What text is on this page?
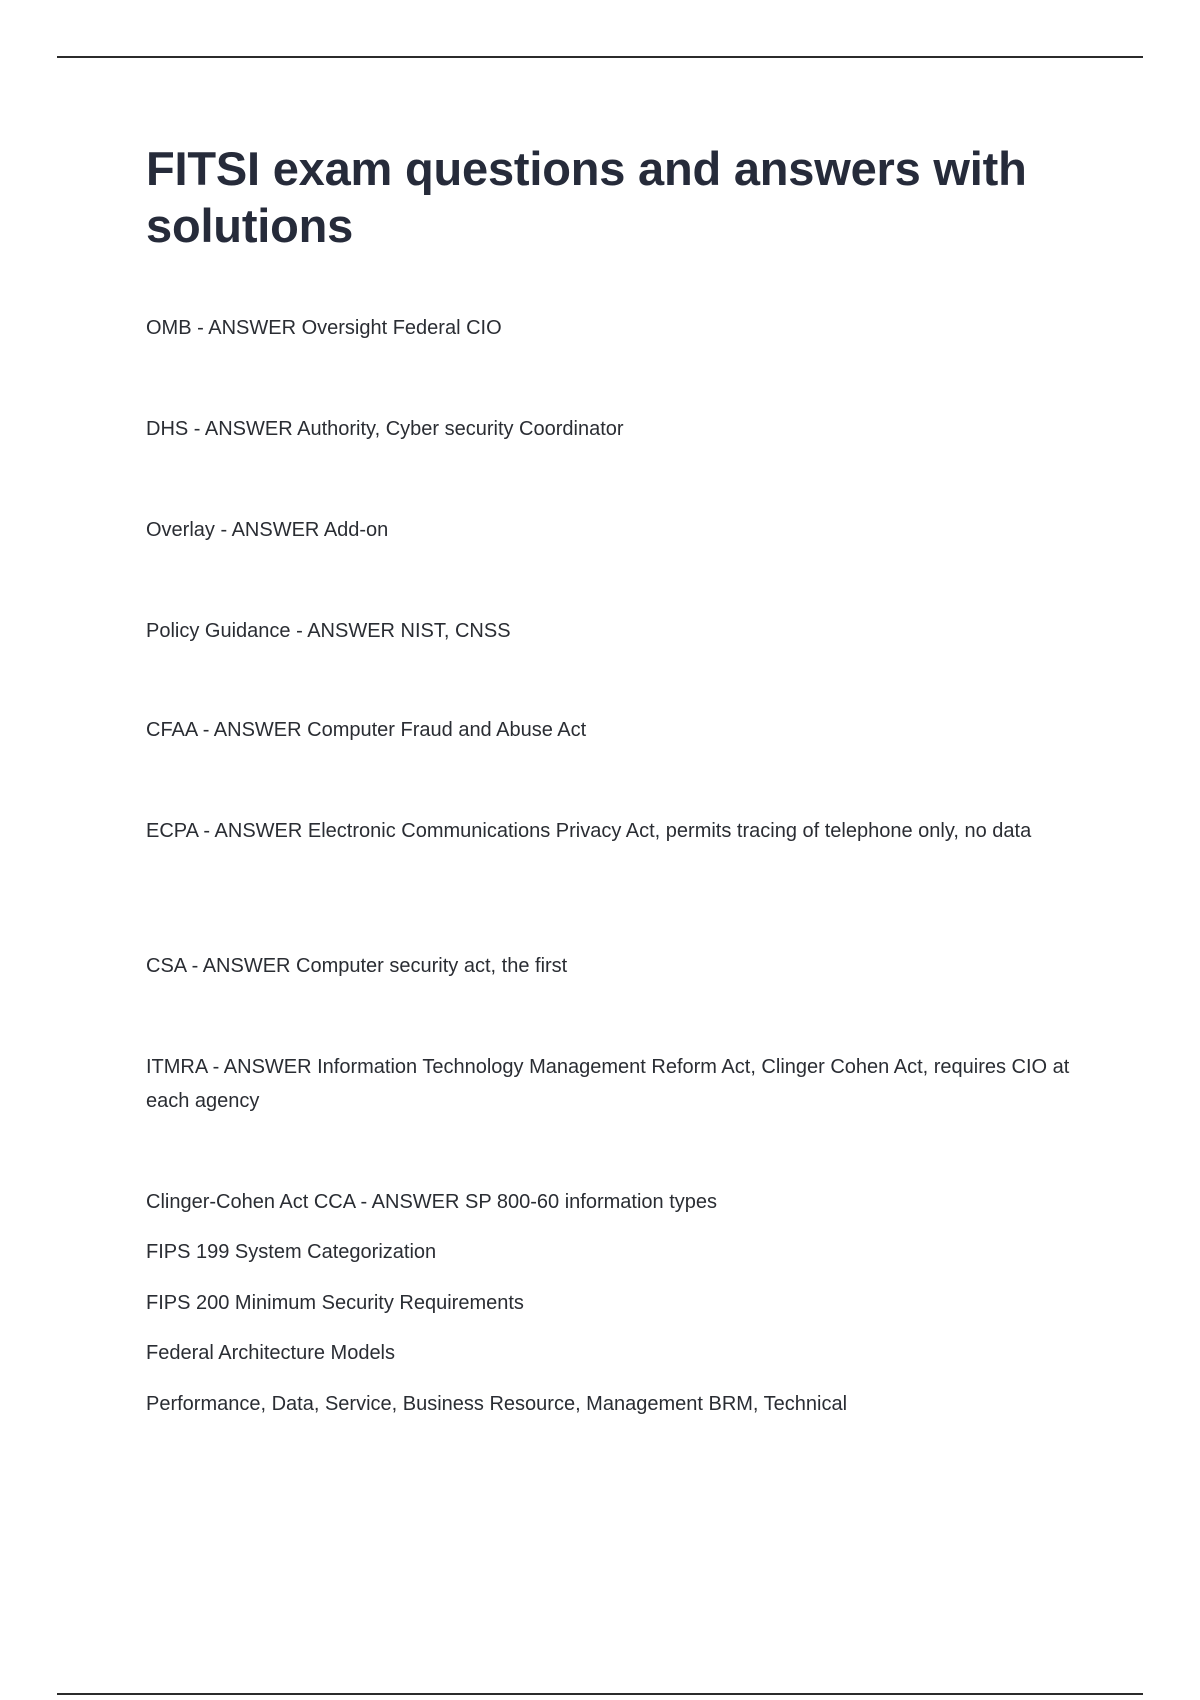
FITSI exam questions and answers with solutions

OMB - ANSWER Oversight Federal CIO

DHS - ANSWER Authority, Cyber security Coordinator

Overlay - ANSWER Add-on

Policy Guidance - ANSWER NIST, CNSS

CFAA - ANSWER Computer Fraud and Abuse Act

ECPA - ANSWER Electronic Communications Privacy Act, permits tracing of telephone only, no data

CSA - ANSWER Computer security act, the first

ITMRA - ANSWER Information Technology Management Reform Act, Clinger Cohen Act, requires CIO at each agency

Clinger-Cohen Act CCA - ANSWER SP 800-60 information types

FIPS 199 System Categorization

FIPS 200 Minimum Security Requirements

Federal Architecture Models

Performance, Data, Service, Business Resource, Management BRM, Technical
